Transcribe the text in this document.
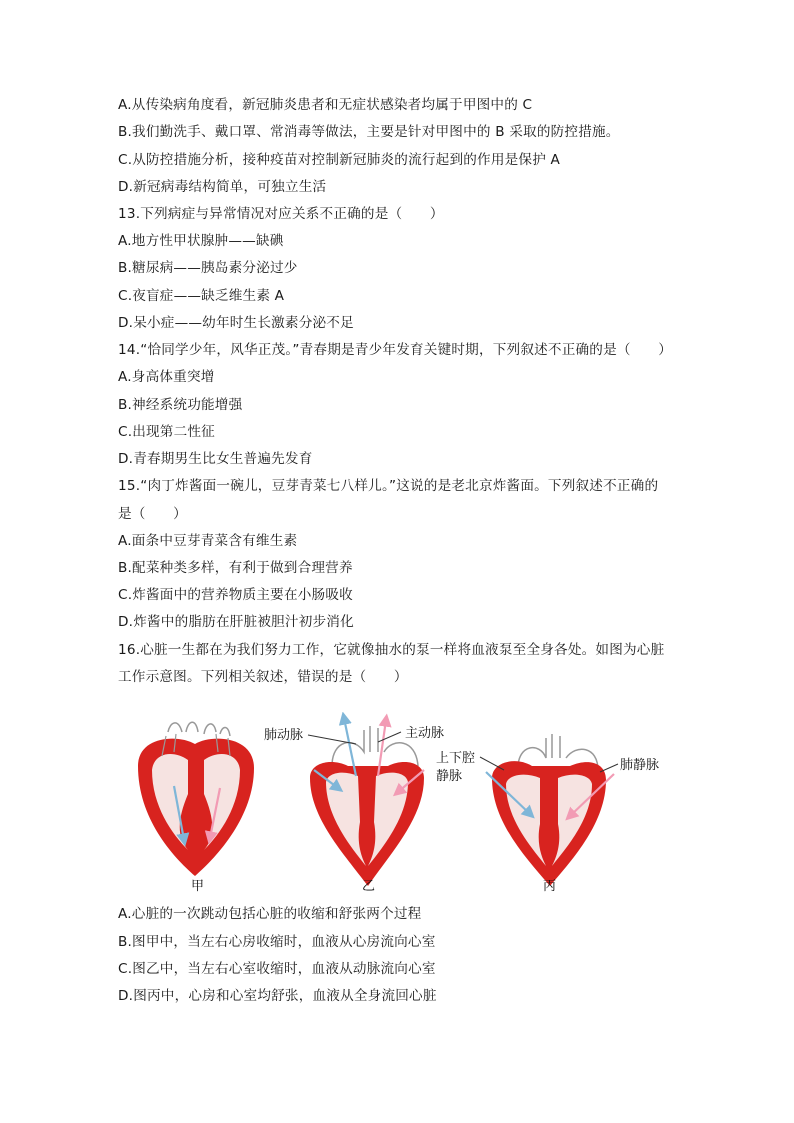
A.从传染病角度看，新冠肺炎患者和无症状感染者均属于甲图中的 C
B.我们勤洗手、戴口罩、常消毒等做法，主要是针对甲图中的 B 采取的防控措施。
C.从防控措施分析，接种疫苗对控制新冠肺炎的流行起到的作用是保护 A
D.新冠病毒结构简单，可独立生活
13.下列病症与异常情况对应关系不正确的是（　　）
A.地方性甲状腺肿——缺碘
B.糖尿病——胰岛素分泌过少
C.夜盲症——缺乏维生素 A
D.呆小症——幼年时生长激素分泌不足
14.“恰同学少年，风华正茂。”青春期是青少年发育关键时期，下列叙述不正确的是（　　）
A.身高体重突增
B.神经系统功能增强
C.出现第二性征
D.青春期男生比女生普遍先发育
15.“肉丁炸酱面一碗儿，豆芽青菜七八样儿。”这说的是老北京炸酱面。下列叙述不正确的
是（　　）
A.面条中豆芽青菜含有维生素
B.配菜种类多样，有利于做到合理营养
C.炸酱面中的营养物质主要在小肠吸收
D.炸酱中的脂肪在肝脏被胆汁初步消化
16.心脏一生都在为我们努力工作，它就像抽水的泵一样将血液泵至全身各处。如图为心脏
工作示意图。下列相关叙述，错误的是（　　）
肺动脉	主动脉
上下腔
静脉
肺静脉
甲	乙	丙
A.心脏的一次跳动包括心脏的收缩和舒张两个过程
B.图甲中，当左右心房收缩时，血液从心房流向心室
C.图乙中，当左右心室收缩时，血液从动脉流向心室
D.图丙中，心房和心室均舒张，血液从全身流回心脏
